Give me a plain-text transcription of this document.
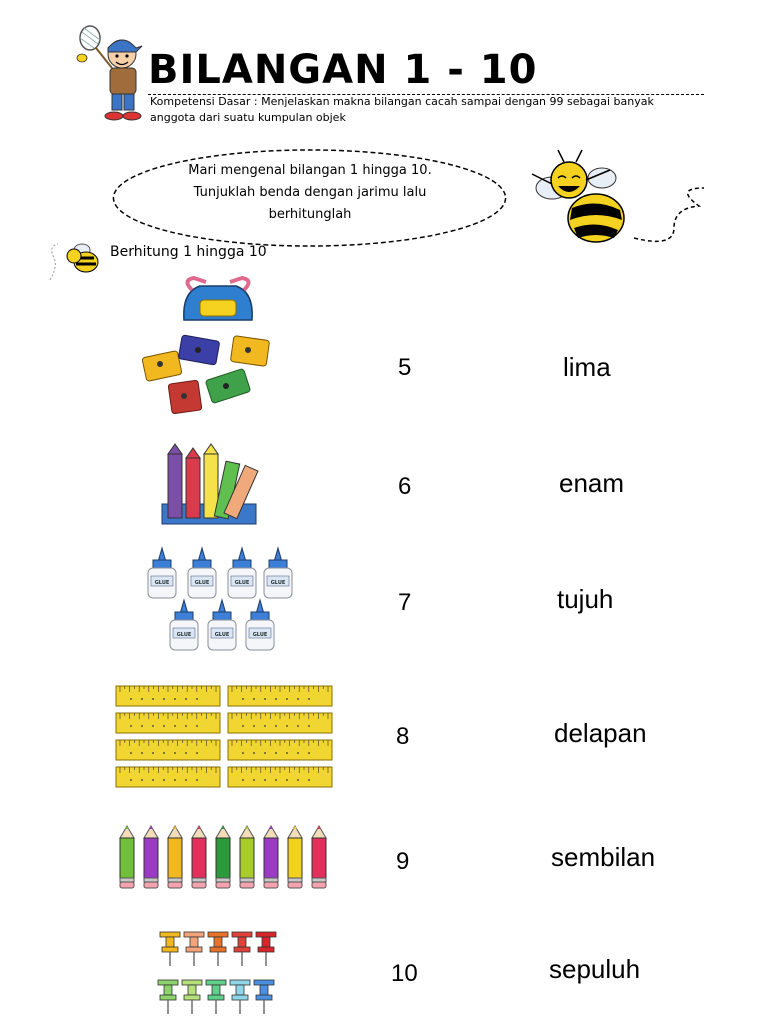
BILANGAN 1 - 10
Kompetensi Dasar : Menjelaskan makna bilangan cacah sampai dengan 99 sebagai banyak anggota dari suatu kumpulan objek
Mari mengenal bilangan 1 hingga 10.
Tunjuklah benda dengan jarimu lalu
berhitunglah
Berhitung 1 hingga 10
5	lima
6	enam
GLUE	GLUE	GLUE	GLUE
GLUE	GLUE	GLUE
7	tujuh
8	delapan
9	sembilan
10	sepuluh
